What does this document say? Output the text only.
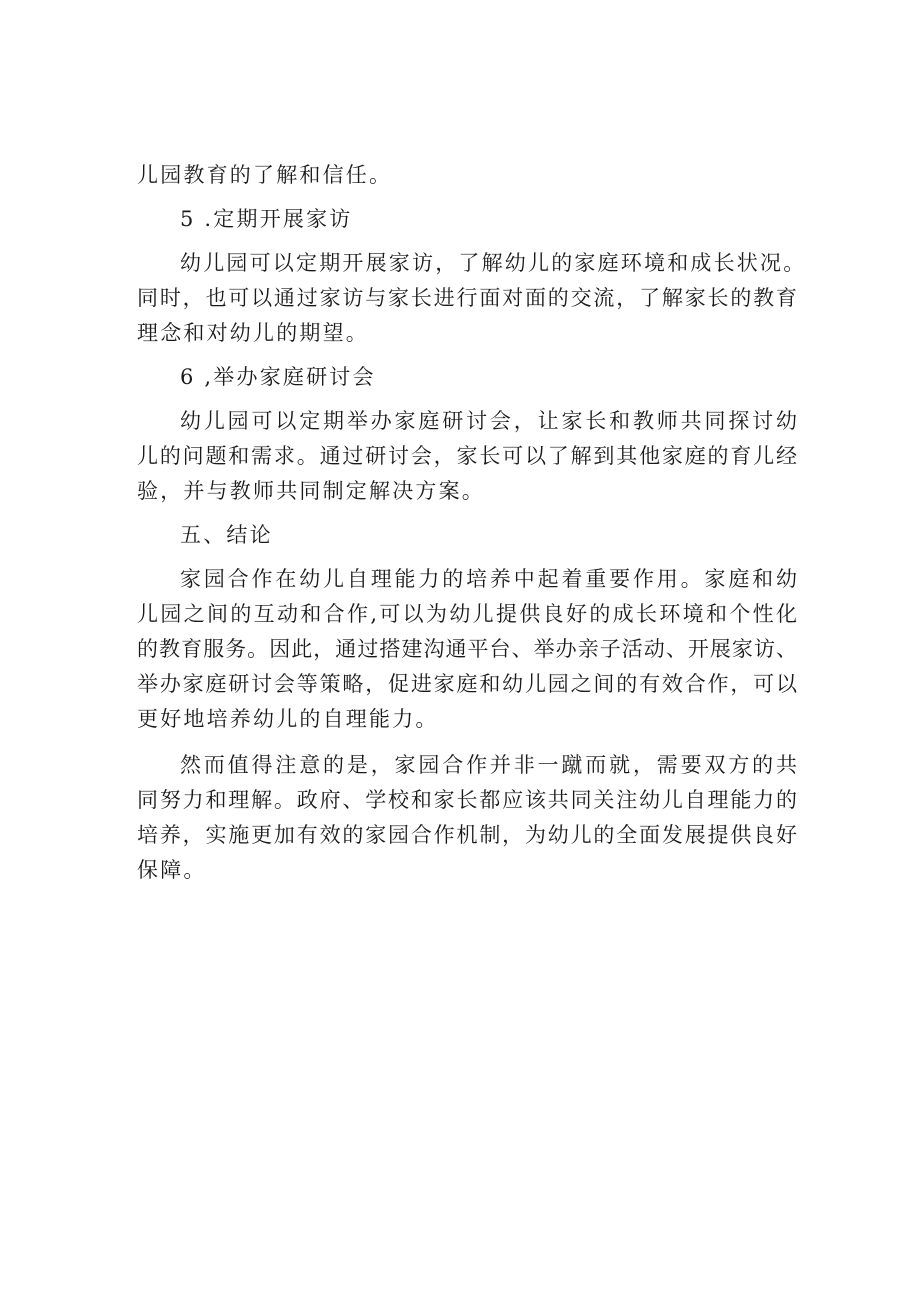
儿园教育的了解和信任。
5 .定期开展家访
幼儿园可以定期开展家访，了解幼儿的家庭环境和成长状况。
同时，也可以通过家访与家长进行面对面的交流，了解家长的教育
理念和对幼儿的期望。
6 ,举办家庭研讨会
幼儿园可以定期举办家庭研讨会，让家长和教师共同探讨幼
儿的问题和需求。通过研讨会，家长可以了解到其他家庭的育儿经
验，并与教师共同制定解决方案。
五、结论
家园合作在幼儿自理能力的培养中起着重要作用。家庭和幼
儿园之间的互动和合作,可以为幼儿提供良好的成长环境和个性化
的教育服务。因此，通过搭建沟通平台、举办亲子活动、开展家访、
举办家庭研讨会等策略，促进家庭和幼儿园之间的有效合作，可以
更好地培养幼儿的自理能力。
然而值得注意的是，家园合作并非一蹴而就，需要双方的共
同努力和理解。政府、学校和家长都应该共同关注幼儿自理能力的
培养，实施更加有效的家园合作机制，为幼儿的全面发展提供良好
保障。
